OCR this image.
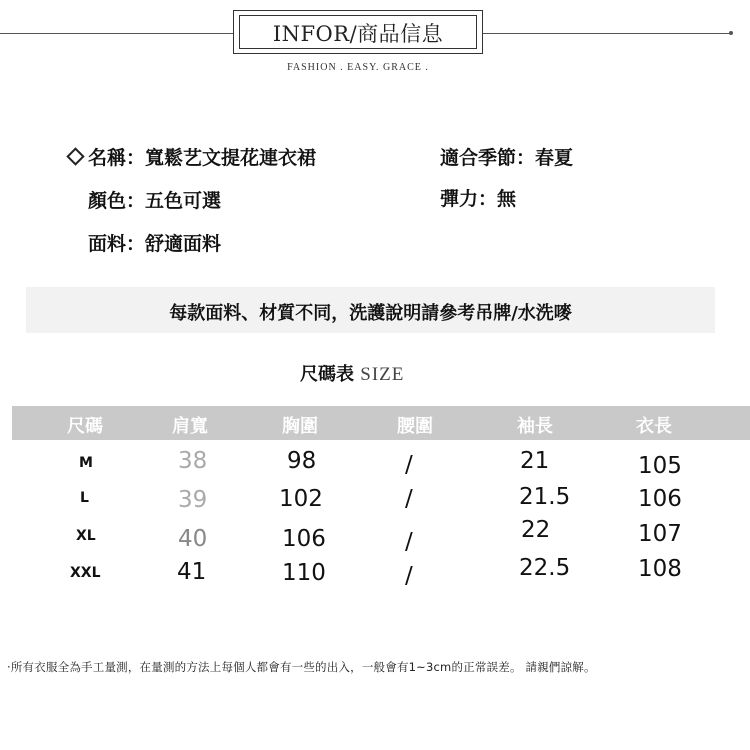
INFOR/商品信息
FASHION . EASY. GRACE .
名稱：寬鬆艺文提花連衣裙
顏色：五色可選
面料：舒適面料
適合季節：春夏
彈力：無
每款面料、材質不同，洗護說明請參考吊牌/水洗嘜
尺碼表 SIZE
尺碼	肩寬	胸圍	腰圍	袖長	衣長
M	38	98	/	21	105
L	39	102	/	21.5	106
XL	40	106	/	22	107
XXL	41	110	/	22.5	108
·所有衣服全為手工量測，在量測的方法上每個人都會有一些的出入，一般會有1~3cm的正常誤差。 請親們諒解。
